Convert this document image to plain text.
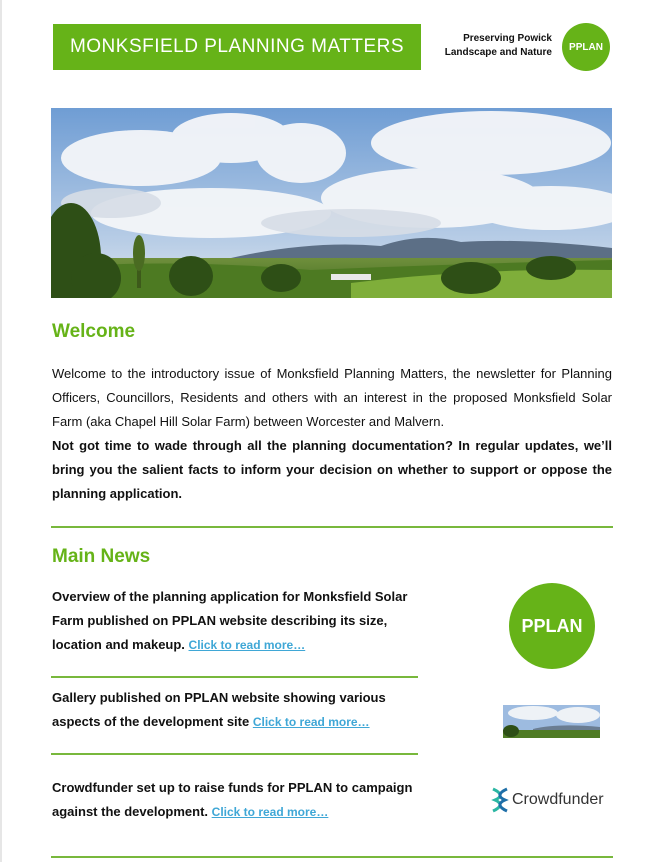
MONKSFIELD PLANNING MATTERS	Preserving Powick
Landscape and Nature	PPLAN
Welcome
Welcome to the introductory issue of Monksfield Planning Matters, the newsletter for Planning Officers, Councillors, Residents and others with an interest in the proposed Monksfield Solar Farm (aka Chapel Hill Solar Farm) between Worcester and Malvern.
Not got time to wade through all the planning documentation? In regular updates, we’ll bring you the salient facts to inform your decision on whether to support or oppose the planning application.
Main News
Overview of the planning application for Monksfield Solar Farm published on PPLAN website describing its size, location and makeup. Click to read more…
Gallery published on PPLAN website showing various aspects of the development site Click to read more…
Crowdfunder set up to raise funds for PPLAN to campaign against the development. Click to read more…
PPLAN
Crowdfunder
